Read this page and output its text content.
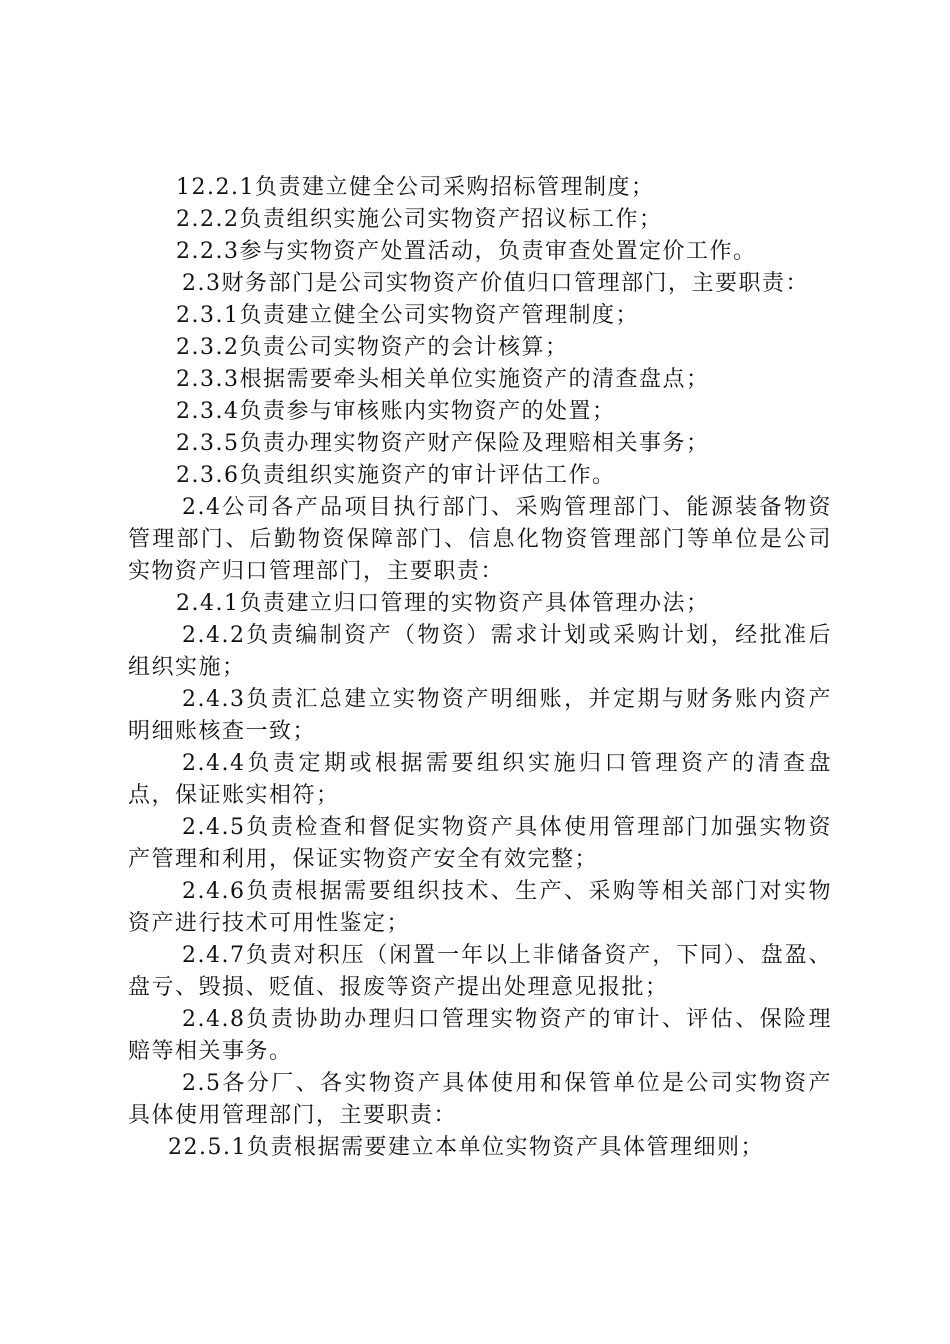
12.2.1负责建立健全公司采购招标管理制度；

2.2.2负责组织实施公司实物资产招议标工作；

2.2.3参与实物资产处置活动，负责审查处置定价工作。

2.3财务部门是公司实物资产价值归口管理部门，主要职责：

2.3.1负责建立健全公司实物资产管理制度；

2.3.2负责公司实物资产的会计核算；

2.3.3根据需要牵头相关单位实施资产的清查盘点；

2.3.4负责参与审核账内实物资产的处置；

2.3.5负责办理实物资产财产保险及理赔相关事务；

2.3.6负责组织实施资产的审计评估工作。

2.4公司各产品项目执行部门、采购管理部门、能源装备物资管理部门、后勤物资保障部门、信息化物资管理部门等单位是公司实物资产归口管理部门，主要职责：

2.4.1负责建立归口管理的实物资产具体管理办法；

2.4.2负责编制资产（物资）需求计划或采购计划，经批准后组织实施；

2.4.3负责汇总建立实物资产明细账，并定期与财务账内资产明细账核查一致；

2.4.4负责定期或根据需要组织实施归口管理资产的清查盘点，保证账实相符；

2.4.5负责检查和督促实物资产具体使用管理部门加强实物资产管理和利用，保证实物资产安全有效完整；

2.4.6负责根据需要组织技术、生产、采购等相关部门对实物资产进行技术可用性鉴定；

2.4.7负责对积压（闲置一年以上非储备资产，下同）、盘盈、盘亏、毁损、贬值、报废等资产提出处理意见报批；

2.4.8负责协助办理归口管理实物资产的审计、评估、保险理赔等相关事务。

2.5各分厂、各实物资产具体使用和保管单位是公司实物资产具体使用管理部门，主要职责：

22.5.1负责根据需要建立本单位实物资产具体管理细则；
